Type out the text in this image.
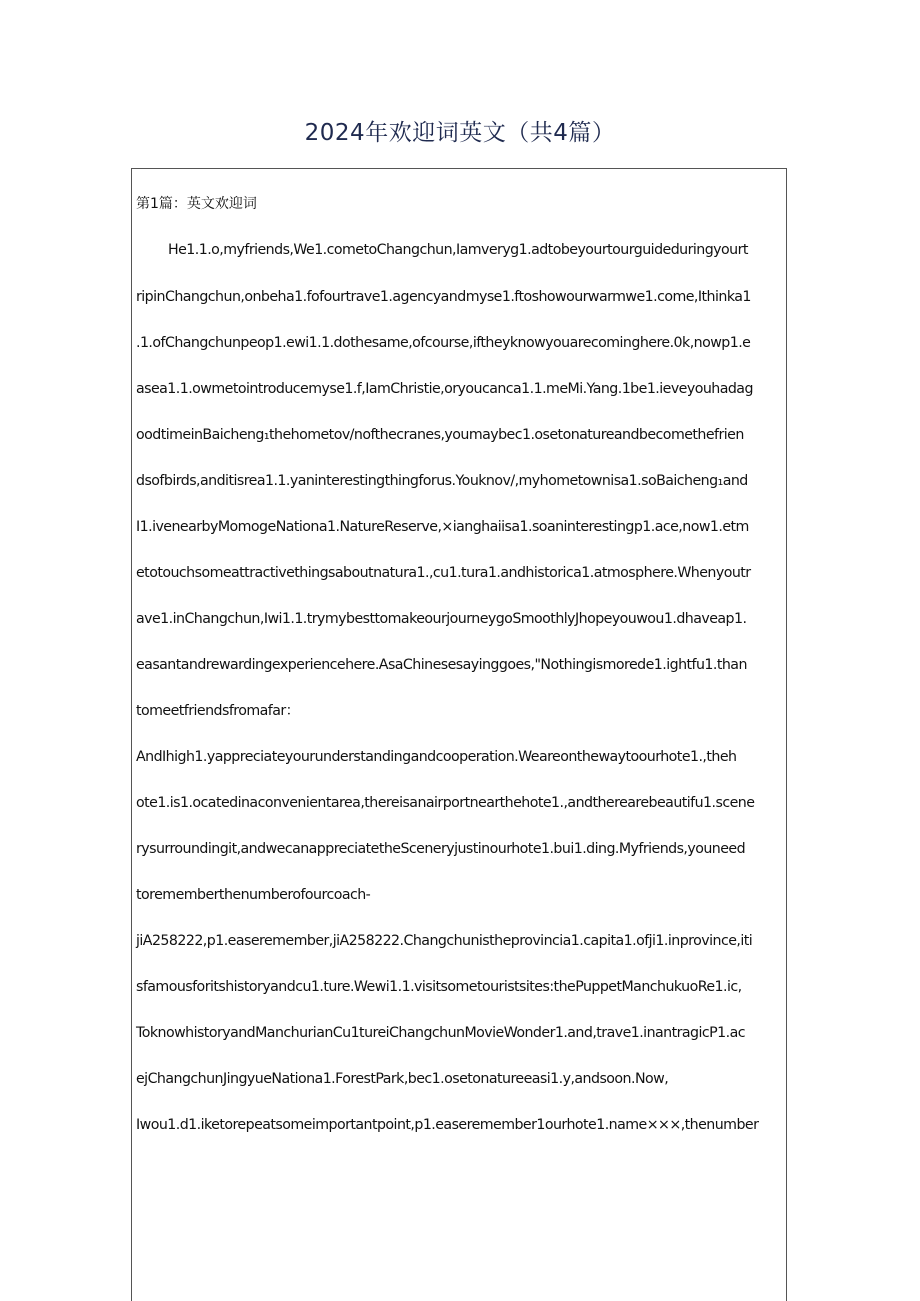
2024年欢迎词英文（共4篇）
第1篇：英文欢迎词
He1.1.o,myfriends,We1.cometoChangchun,Iamveryg1.adtobeyourtourguideduringyourt
ripinChangchun,onbeha1.fofourtrave1.agencyandmyse1.ftoshowourwarmwe1.come,Ithinka1
.1.ofChangchunpeop1.ewi1.1.dothesame,ofcourse,iftheyknowyouarecominghere.0k,nowp1.e
asea1.1.owmetointroducemyse1.f,IamChristie,oryoucanca1.1.meMi.Yang.1be1.ieveyouhadag
oodtimeinBaicheng₁thehometov/nofthecranes,youmaybec1.osetonatureandbecomethefrien
dsofbirds,anditisrea1.1.yaninterestingthingforus.Youknov/,myhometownisa1.soBaicheng₁and
I1.ivenearbyMomogeNationa1.NatureReserve,×ianghaiisa1.soaninterestingp1.ace,now1.etm
etotouchsomeattractivethingsaboutnatura1.,cu1.tura1.andhistorica1.atmosphere.Whenyoutr
ave1.inChangchun,Iwi1.1.trymybesttomakeourjourneygoSmoothlyJhopeyouwou1.dhaveap1.
easantandrewardingexperiencehere.AsaChinesesayinggoes,"Nothingismorede1.ightfu1.than
tomeetfriendsfromafar：
AndIhigh1.yappreciateyourunderstandingandcooperation.Weareonthewaytoourhote1.,theh
ote1.is1.ocatedinaconvenientarea,thereisanairportnearthehote1.,andtherearebeautifu1.scene
rysurroundingit,andwecanappreciatetheSceneryjustinourhote1.bui1.ding.Myfriends,youneed
torememberthenumberofourcoach-
jiA258222,p1.easeremember,jiA258222.Changchunistheprovincia1.capita1.ofji1.inprovince,iti
sfamousforitshistoryandcu1.ture.Wewi1.1.visitsometouristsites:thePuppetManchukuoRe1.ic,
ToknowhistoryandManchurianCu1tureiChangchunMovieWonder1.and,trave1.inantragicP1.ac
ejChangchunJingyueNationa1.ForestPark,bec1.osetonatureeasi1.y,andsoon.Now,
Iwou1.d1.iketorepeatsomeimportantpoint,p1.easeremember1ourhote1.name×××,thenumber
